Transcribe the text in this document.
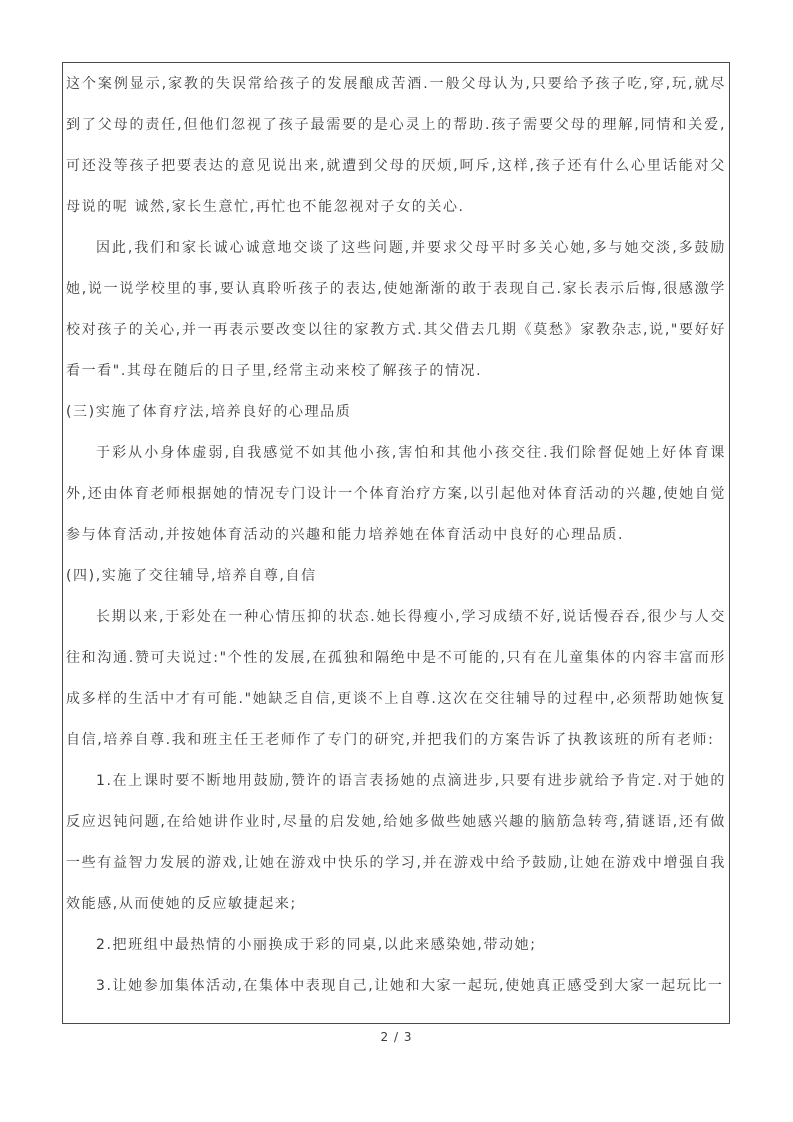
这个案例显示,家教的失误常给孩子的发展酿成苦酒.一般父母认为,只要给予孩子吃,穿,玩,就尽到了父母的责任,但他们忽视了孩子最需要的是心灵上的帮助.孩子需要父母的理解,同情和关爱,可还没等孩子把要表达的意见说出来,就遭到父母的厌烦,呵斥,这样,孩子还有什么心里话能对父母说的呢 诚然,家长生意忙,再忙也不能忽视对子女的关心.

因此,我们和家长诚心诚意地交谈了这些问题,并要求父母平时多关心她,多与她交淡,多鼓励她,说一说学校里的事,要认真聆听孩子的表达,使她渐渐的敢于表现自己.家长表示后悔,很感激学校对孩子的关心,并一再表示要改变以往的家教方式.其父借去几期《莫愁》家教杂志,说,"要好好看一看".其母在随后的日子里,经常主动来校了解孩子的情况.

(三)实施了体育疗法,培养良好的心理品质

于彩从小身体虚弱,自我感觉不如其他小孩,害怕和其他小孩交往.我们除督促她上好体育课外,还由体育老师根据她的情况专门设计一个体育治疗方案,以引起他对体育活动的兴趣,使她自觉参与体育活动,并按她体育活动的兴趣和能力培养她在体育活动中良好的心理品质.

(四),实施了交往辅导,培养自尊,自信

长期以来,于彩处在一种心情压抑的状态.她长得瘦小,学习成绩不好,说话慢吞吞,很少与人交往和沟通.赞可夫说过:"个性的发展,在孤独和隔绝中是不可能的,只有在儿童集体的内容丰富而形成多样的生活中才有可能."她缺乏自信,更谈不上自尊.这次在交往辅导的过程中,必须帮助她恢复自信,培养自尊.我和班主任王老师作了专门的研究,并把我们的方案告诉了执教该班的所有老师:

1.在上课时要不断地用鼓励,赞许的语言表扬她的点滴进步,只要有进步就给予肯定.对于她的反应迟钝问题,在给她讲作业时,尽量的启发她,给她多做些她感兴趣的脑筋急转弯,猜谜语,还有做一些有益智力发展的游戏,让她在游戏中快乐的学习,并在游戏中给予鼓励,让她在游戏中增强自我效能感,从而使她的反应敏捷起来;

2.把班组中最热情的小丽换成于彩的同桌,以此来感染她,带动她;

3.让她参加集体活动,在集体中表现自己,让她和大家一起玩,使她真正感受到大家一起玩比一

2 / 3
